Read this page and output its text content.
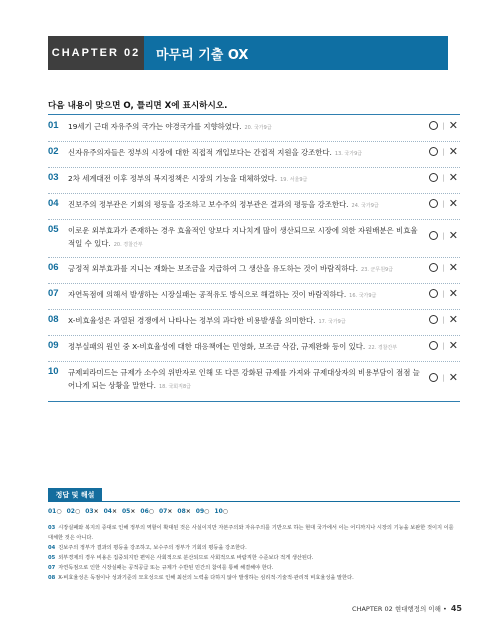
CHAPTER 02	마무리 기출 OX
다음 내용이 맞으면 O, 틀리면 X에 표시하시오.
01 19세기 근대 자유주의 국가는 야경국가를 지향하였다. 20. 국가9급	| ✕
02 신자유주의자들은 정부의 시장에 대한 직접적 개입보다는 간접적 지원을 강조한다. 13. 국가9급	| ✕
03 2차 세계대전 이후 정부의 복지정책은 시장의 기능을 대체하였다. 19. 서울9급	| ✕
04 진보주의 정부관은 기회의 평등을 강조하고 보수주의 정부관은 결과의 평등을 강조한다. 24. 국가9급	| ✕
05 이로운 외부효과가 존재하는 경우 효율적인 양보다 지나치게 많이 생산되므로 시장에 의한 자원배분은 비효율적일 수 있다. 20. 경찰간부
| ✕
06 긍정적 외부효과를 지니는 재화는 보조금을 지급하여 그 생산을 유도하는 것이 바람직하다. 23. 군무원9급	| ✕
07 자연독점에 의해서 발생하는 시장실패는 공적유도 방식으로 해결하는 것이 바람직하다. 16. 국가9급	| ✕
08 X-비효율성은 과열된 경쟁에서 나타나는 정부의 과다한 비용발생을 의미한다. 17. 국가9급	| ✕
09 정부실패의 원인 중 X-비효율성에 대한 대응책에는 민영화, 보조금 삭감, 규제완화 등이 있다. 22. 경찰간부	| ✕
10 규제피라미드는 규제가 소수의 위반자로 인해 또 다른 강화된 규제를 가져와 규제대상자의 비용부담이 점점 늘어나게 되는 상황을 말한다. 18. 국회직8급
| ✕
정답 및 해설
01○ 02○ 03× 04× 05× 06○ 07× 08× 09○ 10○

03 시장실패와 복지의 증대로 인해 정부의 역할이 확대된 것은 사실이지만 자본주의와 자유주의를 기반으로 하는 현대 국가에서 이는 어디까지나 시장의 기능을 보완한 것이지 이를 대체한 것은 아니다.

04 진보주의 정부가 결과의 평등을 강조하고, 보수주의 정부가 기회의 평등을 강조한다.

05 외부경제의 경우 비용은 집중되지만 편익은 사회적으로 분산되므로 사회적으로 바람직한 수준보다 적게 생산된다.

07 자연독점으로 인한 시장실패는 공적공급 또는 규제가 수반된 민간의 참여를 통해 해결해야 한다.

08 X-비효율성은 독점이나 성과기준의 모호성으로 인해 최선의 노력을 다하지 않아 발생하는 심리적·기술적·관리적 비효율성을 말한다.

CHAPTER 02 현대행정의 이해 • 45
